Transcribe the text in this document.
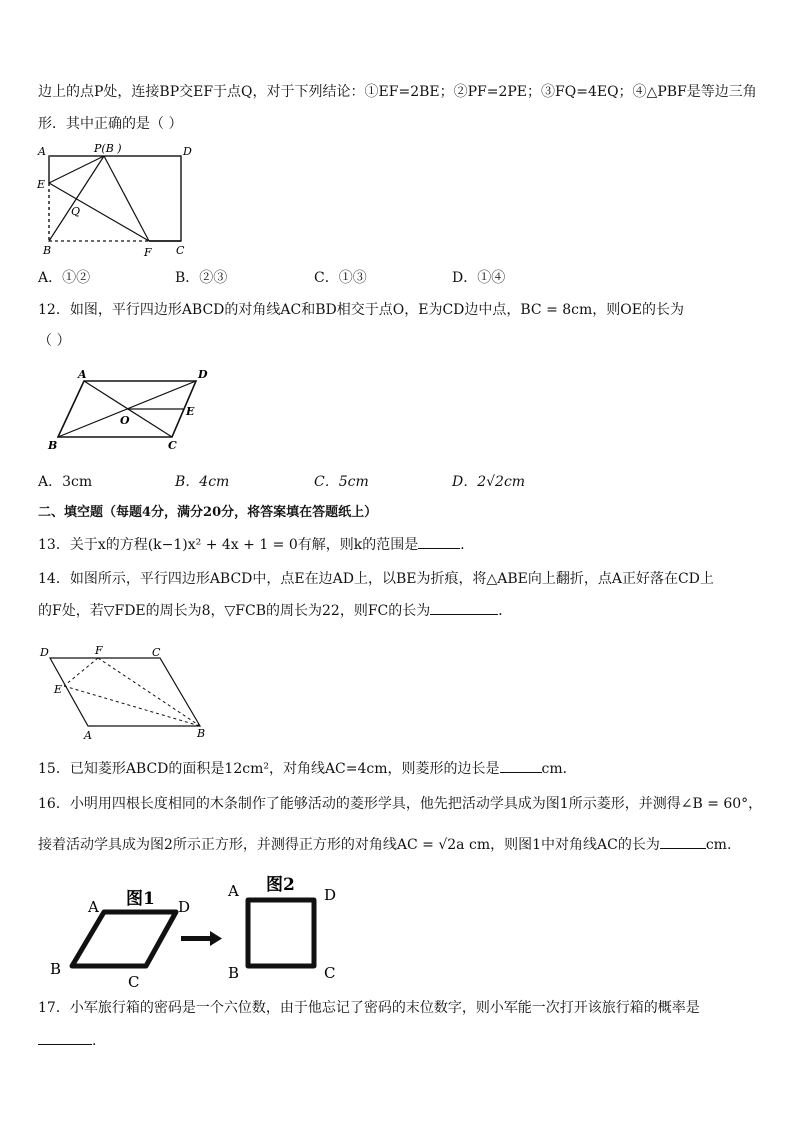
边上的点P处，连接BP交EF于点Q，对于下列结论：①EF=2BE；②PF=2PE；③FQ=4EQ；④△PBF是等边三角
形．其中正确的是（ ）
A	P(B )	D
E
Q
B	F C
A．①②	B．②③	C．①③	D．①④
12．如图，平行四边形ABCD的对角线AC和BD相交于点O，E为CD边中点，BC = 8cm，则OE的长为
（ ）
A	D
O
E
B	C
A．3cm	B．4cm	C．5cm	D．2√2cm
二、填空题（每题4分，满分20分，将答案填在答题纸上）
13．关于x的方程(k−1)x² + 4x + 1 = 0有解，则k的范围是	．
14．如图所示，平行四边形ABCD中，点E在边AD上，以BE为折痕，将△ABE向上翻折，点A正好落在CD上
的F处，若▽FDE的周长为8，▽FCB的周长为22，则FC的长为	．
D	F	C
E
B
A
15．已知菱形ABCD的面积是12cm²，对角线AC=4cm，则菱形的边长是	cm．
16．小明用四根长度相同的木条制作了能够活动的菱形学具，他先把活动学具成为图1所示菱形，并测得∠B = 60°，
接着活动学具成为图2所示正方形，并测得正方形的对角线AC = √2a cm，则图1中对角线AC的长为	cm.
图1
A	D
B
C
图2
A	D
B	C
17．小军旅行箱的密码是一个六位数，由于他忘记了密码的末位数字，则小军能一次打开该旅行箱的概率是
.
